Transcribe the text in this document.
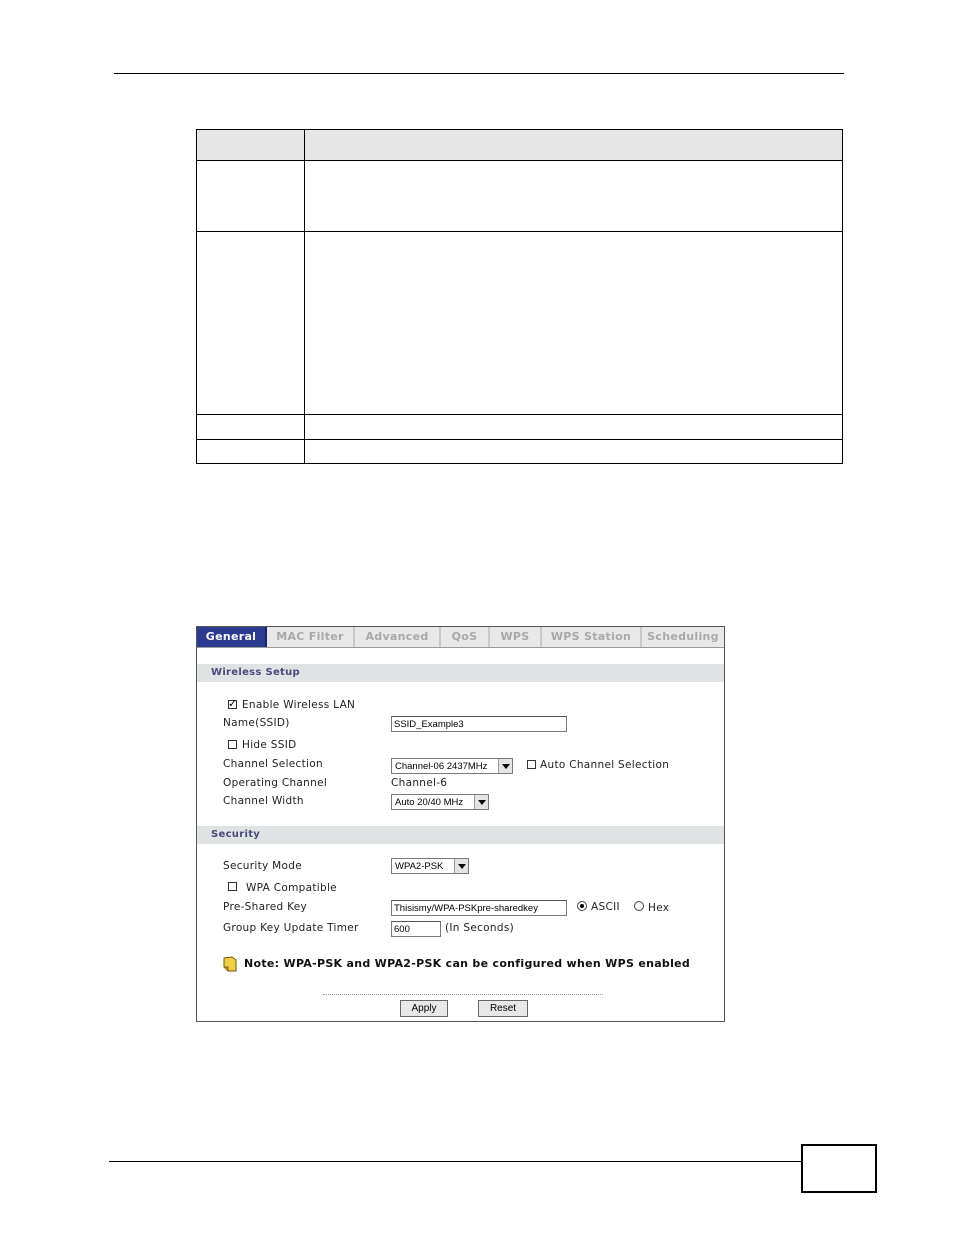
General	MAC Filter	Advanced	QoS	WPS	WPS Station	Scheduling
Wireless Setup
✓
Enable Wireless LAN
Name(SSID)	SSID_Example3
Hide SSID
Channel Selection	Channel-06 2437MHz	Auto Channel Selection
Operating Channel	Channel-6
Channel Width	Auto 20/40 MHz
Security
Security Mode	WPA2-PSK
WPA Compatible
Pre-Shared Key	Thisismy/WPA-PSKpre-sharedkey	ASCII	Hex
Group Key Update Timer	600	(In Seconds)
Note: WPA-PSK and WPA2-PSK can be configured when WPS enabled
Apply	Reset
